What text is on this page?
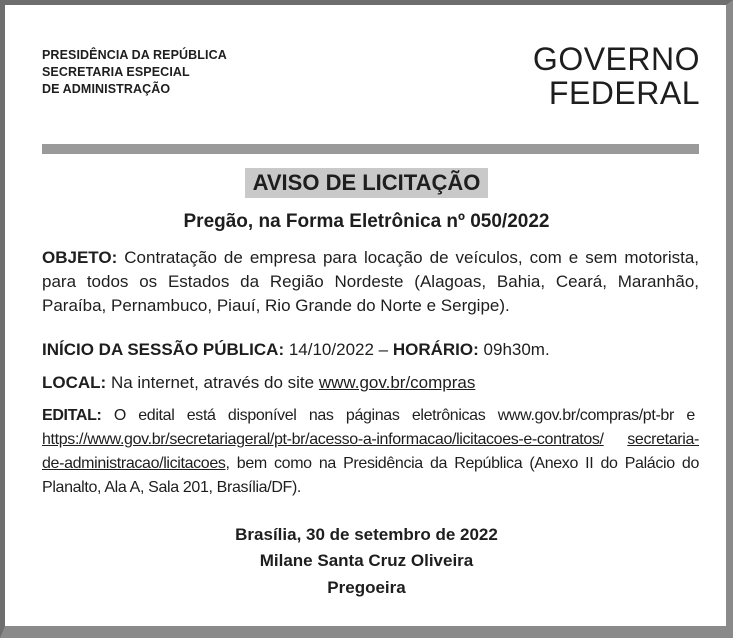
PRESIDÊNCIA DA REPÚBLICA
SECRETARIA ESPECIAL
DE ADMINISTRAÇÃO
GOVERNO
FEDERAL
AVISO DE LICITAÇÃO
Pregão, na Forma Eletrônica nº 050/2022
OBJETO: Contratação de empresa para locação de veículos, com e sem motorista, para todos os Estados da Região Nordeste (Alagoas, Bahia, Ceará, Maranhão, Paraíba, Pernambuco, Piauí, Rio Grande do Norte e Sergipe).
INÍCIO DA SESSÃO PÚBLICA: 14/10/2022 – HORÁRIO: 09h30m.
LOCAL: Na internet, através do site www.gov.br/compras
EDITAL: O edital está disponível nas páginas eletrônicas www.gov.br/compras/pt-br e  https://www.gov.br/secretariageral/pt-br/acesso-a-informacao/licitacoes-e-contratos/ secretaria-de-administracao/licitacoes, bem como na Presidência da República (Anexo II do Palácio do Planalto, Ala A, Sala 201, Brasília/DF).
Brasília, 30 de setembro de 2022
Milane Santa Cruz Oliveira
Pregoeira
